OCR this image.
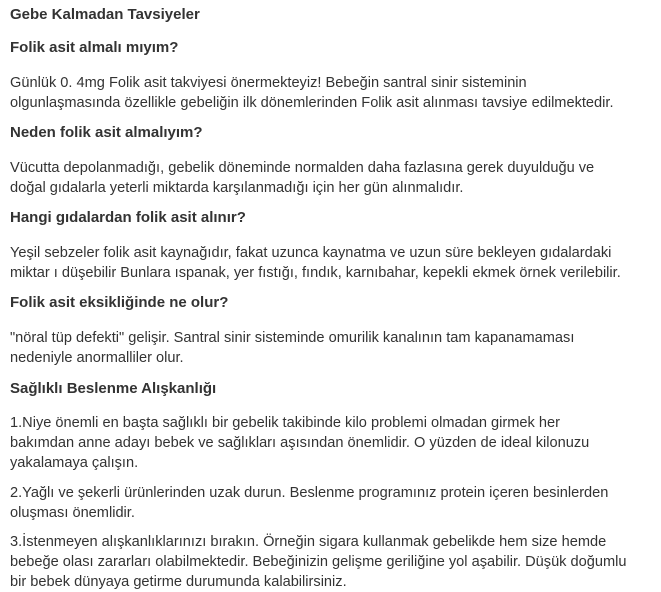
Gebe Kalmadan Tavsiyeler
Folik asit almalı mıyım?
Günlük 0. 4mg Folik asit takviyesi önermekteyiz! Bebeğin santral sinir sisteminin
olgunlaşmasında özellikle gebeliğin ilk dönemlerinden Folik asit alınması tavsiye edilmektedir.
Neden folik asit almalıyım?
Vücutta depolanmadığı, gebelik döneminde normalden daha fazlasına gerek duyulduğu ve
doğal gıdalarla yeterli miktarda karşılanmadığı için her gün alınmalıdır.
Hangi gıdalardan folik asit alınır?
Yeşil sebzeler folik asit kaynağıdır, fakat uzunca kaynatma ve uzun süre bekleyen gıdalardaki
miktar ı düşebilir Bunlara ıspanak, yer fıstığı, fındık, karnıbahar, kepekli ekmek örnek verilebilir.
Folik asit eksikliğinde ne olur?
"nöral tüp defekti" gelişir. Santral sinir sisteminde omurilik kanalının tam kapanamaması
nedeniyle anormalliler olur.
Sağlıklı Beslenme Alışkanlığı
1.Niye önemli en başta sağlıklı bir gebelik takibinde kilo problemi olmadan girmek her
bakımdan anne adayı bebek ve sağlıkları aşısından önemlidir. O yüzden de ideal kilonuzu
yakalamaya çalışın.
2.Yağlı ve şekerli ürünlerinden uzak durun. Beslenme programınız protein içeren besinlerden
oluşması önemlidir.
3.İstenmeyen alışkanlıklarınızı bırakın. Örneğin sigara kullanmak gebelikde hem size hemde
bebeğe olası zararları olabilmektedir. Bebeğinizin gelişme geriliğine yol aşabilir. Düşük doğumlu
bir bebek dünyaya getirme durumunda kalabilirsiniz.
